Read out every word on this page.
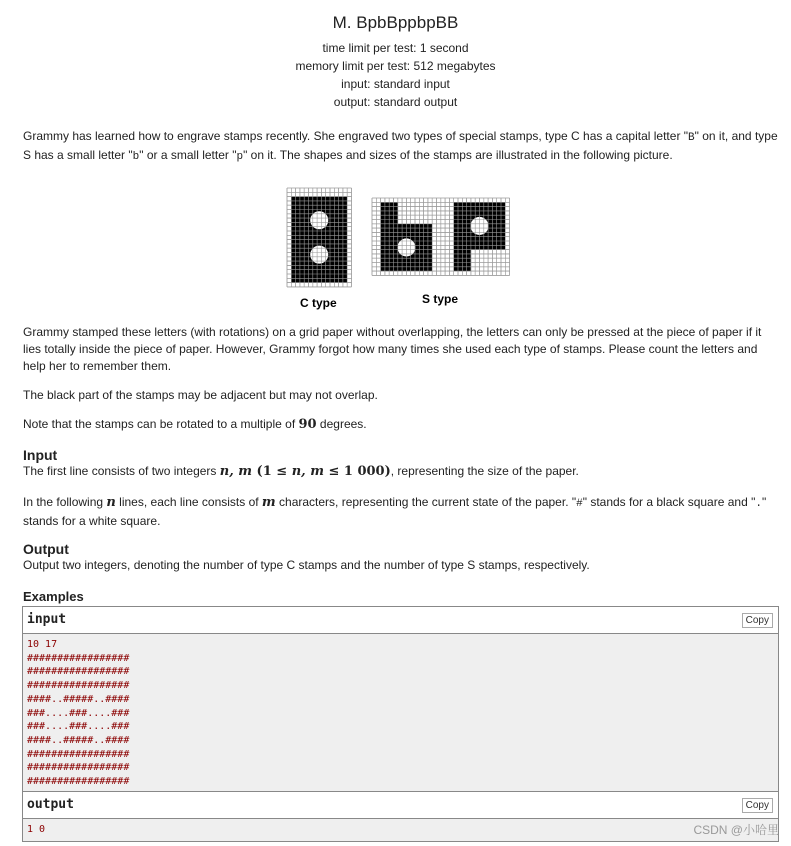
M. BpbBppbpBB
time limit per test: 1 second
memory limit per test: 512 megabytes
input: standard input
output: standard output

Grammy has learned how to engrave stamps recently. She engraved two types of special stamps, type C has a capital letter "B" on it, and type S has a small letter "b" or a small letter "p" on it. The shapes and sizes of the stamps are illustrated in the following picture.

C type	S type

Grammy stamped these letters (with rotations) on a grid paper without overlapping, the letters can only be pressed at the piece of paper if it lies totally inside the piece of paper. However, Grammy forgot how many times she used each type of stamps. Please count the letters and help her to remember them.

The black part of the stamps may be adjacent but may not overlap.

Note that the stamps can be rotated to a multiple of 90 degrees.

Input

The first line consists of two integers n, m (1 ≤ n, m ≤ 1 000), representing the size of the paper.

In the following n lines, each line consists of m characters, representing the current state of the paper. "#" stands for a black square and "." stands for a white square.

Output

Output two integers, denoting the number of type C stamps and the number of type S stamps, respectively.

Examples
input	Copy
10 17
#################
#################
#################
####..#####..####
###....###....###
###....###....###
####..#####..####
#################
#################
#################
output	Copy
1 0	CSDN @小哈里
